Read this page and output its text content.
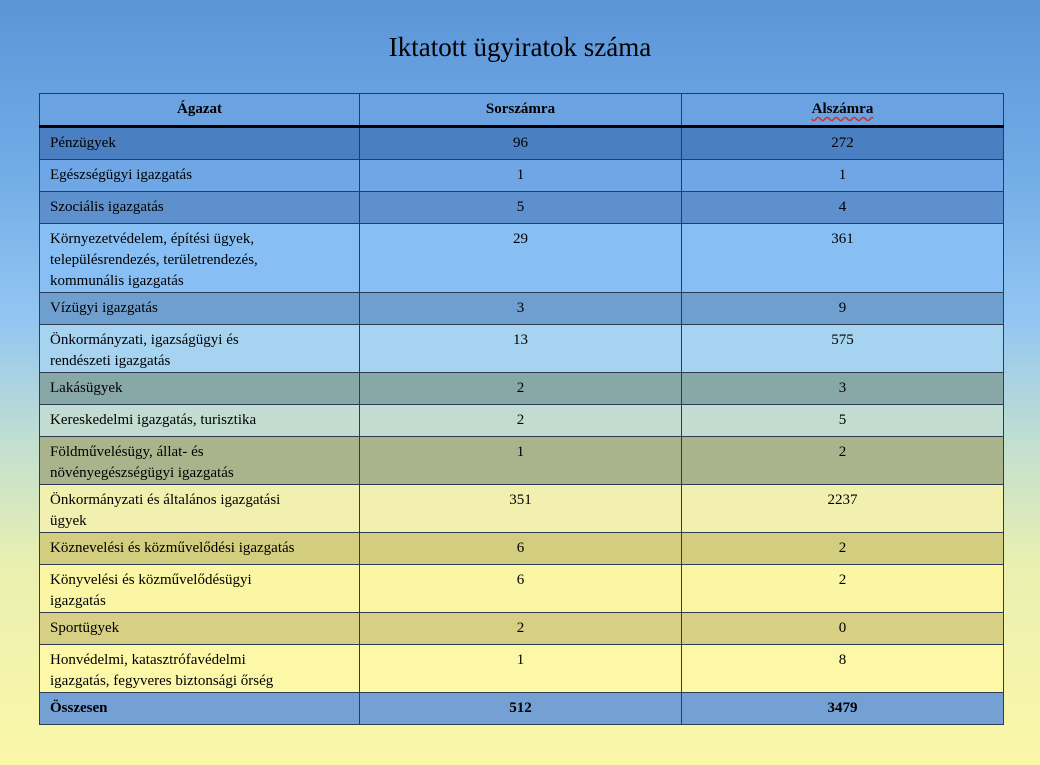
Iktatott ügyiratok száma
Ágazat	Sorszámra	Alszámra
Pénzügyek	96	272
Egészségügyi igazgatás	1	1
Szociális igazgatás	5	4
Környezetvédelem, építési ügyek,
településrendezés, területrendezés,
kommunális igazgatás	29	361
Vízügyi igazgatás	3	9
Önkormányzati, igazságügyi és
rendészeti igazgatás	13	575
Lakásügyek	2	3
Kereskedelmi igazgatás, turisztika	2	5
Földművelésügy, állat- és
növényegészségügyi igazgatás	1	2
Önkormányzati és általános igazgatási
ügyek	351	2237
Köznevelési és közművelődési igazgatás	6	2
Könyvelési és közművelődésügyi
igazgatás	6	2
Sportügyek	2	0
Honvédelmi, katasztrófavédelmi
igazgatás, fegyveres biztonsági őrség	1	8
Összesen	512	3479
